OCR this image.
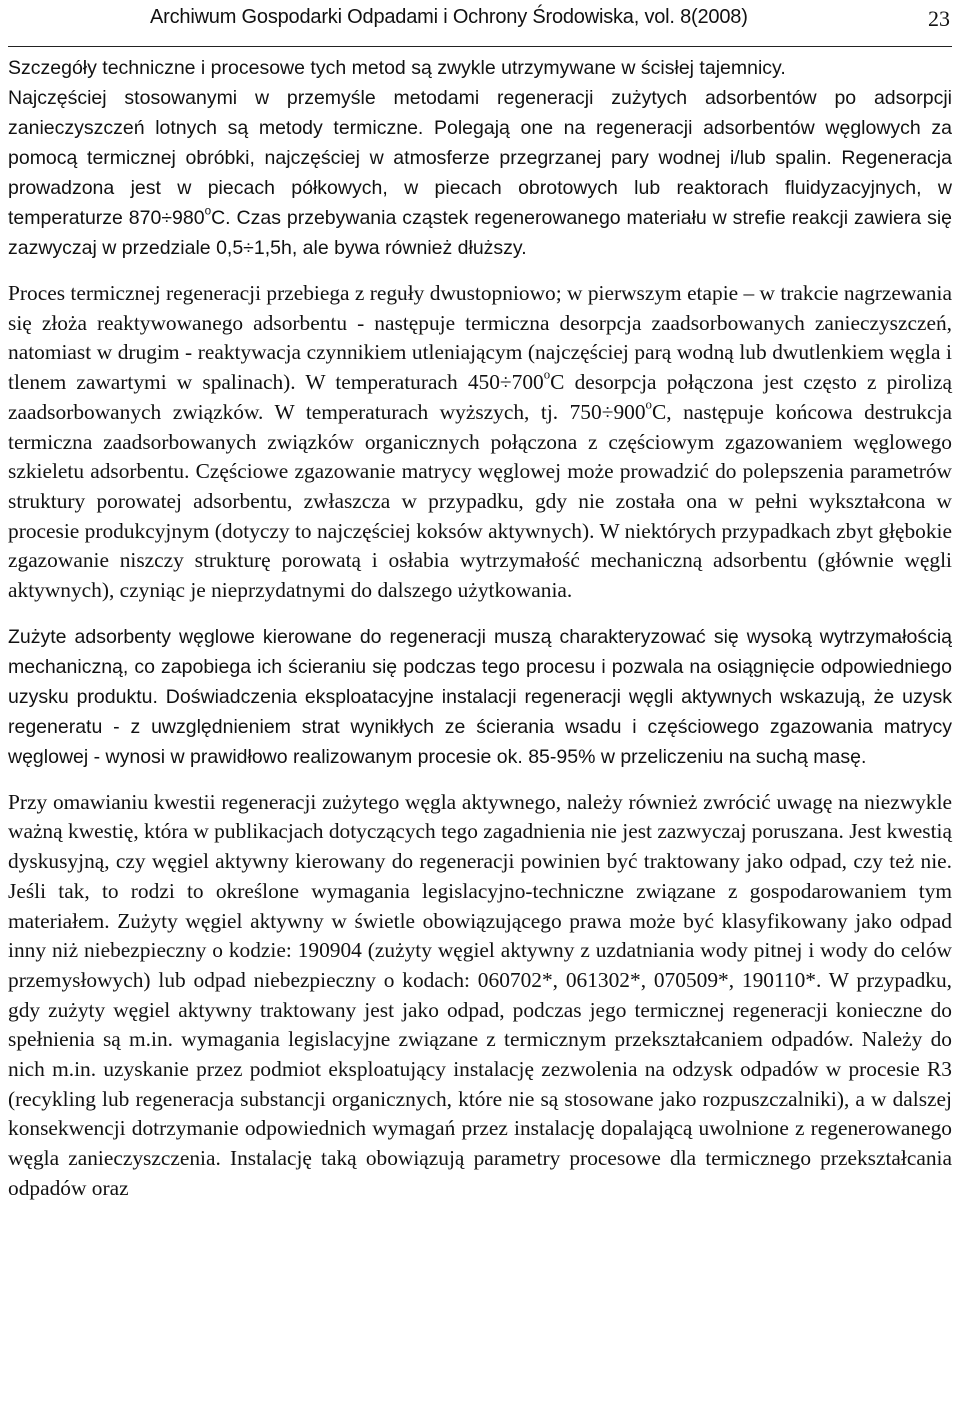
Archiwum Gospodarki Odpadami i Ochrony Środowiska, vol. 8(2008)	23

Szczegóły techniczne i procesowe tych metod są zwykle utrzymywane w ścisłej tajemnicy.

Najczęściej stosowanymi w przemyśle metodami regeneracji zużytych adsorbentów po adsorpcji zanieczyszczeń lotnych są metody termiczne. Polegają one na regeneracji adsorbentów węglowych za pomocą termicznej obróbki, najczęściej w atmosferze przegrzanej pary wodnej i/lub spalin. Regeneracja prowadzona jest w piecach półkowych, w piecach obrotowych lub reaktorach fluidyzacyjnych, w temperaturze $870\div 980^oC$. Czas przebywania cząstek regenerowanego materiału w strefie reakcji zawiera się zazwyczaj w przedziale 0,5÷1,5h, ale bywa również dłuższy.

Proces termicznej regeneracji przebiega z reguły dwustopniowo; w pierwszym etapie – w trakcie nagrzewania się złoża reaktywowanego adsorbentu - następuje termiczna desorpcja zaadsorbowanych zanieczyszczeń, natomiast w drugim - reaktywacja czynnikiem utleniającym (najczęściej parą wodną lub dwutlenkiem węgla i tlenem zawartymi w spalinach). W temperaturach $450\div 700^oC$ desorpcja połączona jest często z pirolizą zaadsorbowanych związków. W temperaturach wyższych, tj. $750\div 900^oC$, następuje końcowa destrukcja termiczna zaadsorbowanych związków organicznych połączona z częściowym zgazowaniem węglowego szkieletu adsorbentu. Częściowe zgazowanie matrycy węglowej może prowadzić do polepszenia parametrów struktury porowatej adsorbentu, zwłaszcza w przypadku, gdy nie została ona w pełni wykształcona w procesie produkcyjnym (dotyczy to najczęściej koksów aktywnych). W niektórych przypadkach zbyt głębokie zgazowanie niszczy strukturę porowatą i osłabia wytrzymałość mechaniczną adsorbentu (głównie węgli aktywnych), czyniąc je nieprzydatnymi do dalszego użytkowania.

Zużyte adsorbenty węglowe kierowane do regeneracji muszą charakteryzować się wysoką wytrzymałością mechaniczną, co zapobiega ich ścieraniu się podczas tego procesu i pozwala na osiągnięcie odpowiedniego uzysku produktu. Doświadczenia eksploatacyjne instalacji regeneracji węgli aktywnych wskazują, że uzysk regeneratu - z uwzględnieniem strat wynikłych ze ścierania wsadu i częściowego zgazowania matrycy węglowej - wynosi w prawidłowo realizowanym procesie ok. 85-95% w przeliczeniu na suchą masę.

Przy omawianiu kwestii regeneracji zużytego węgla aktywnego, należy również zwrócić uwagę na niezwykle ważną kwestię, która w publikacjach dotyczących tego zagadnienia nie jest zazwyczaj poruszana. Jest kwestią dyskusyjną, czy węgiel aktywny kierowany do regeneracji powinien być traktowany jako odpad, czy też nie. Jeśli tak, to rodzi to określone wymagania legislacyjno-techniczne związane z gospodarowaniem tym materiałem. Zużyty węgiel aktywny w świetle obowiązującego prawa może być klasyfikowany jako odpad inny niż niebezpieczny o kodzie: 190904 (zużyty węgiel aktywny z uzdatniania wody pitnej i wody do celów przemysłowych) lub odpad niebezpieczny o kodach: 060702*, 061302*, 070509*, 190110*. W przypadku, gdy zużyty węgiel aktywny traktowany jest jako odpad, podczas jego termicznej regeneracji konieczne do spełnienia są m.in. wymagania legislacyjne związane z termicznym przekształcaniem odpadów. Należy do nich m.in. uzyskanie przez podmiot eksploatujący instalację zezwolenia na odzysk odpadów w procesie R3 (recykling lub regeneracja substancji organicznych, które nie są stosowane jako rozpuszczalniki), a w dalszej konsekwencji dotrzymanie odpowiednich wymagań przez instalację dopalającą uwolnione z regenerowanego węgla zanieczyszczenia. Instalację taką obowiązują parametry procesowe dla termicznego przekształcania odpadów oraz
